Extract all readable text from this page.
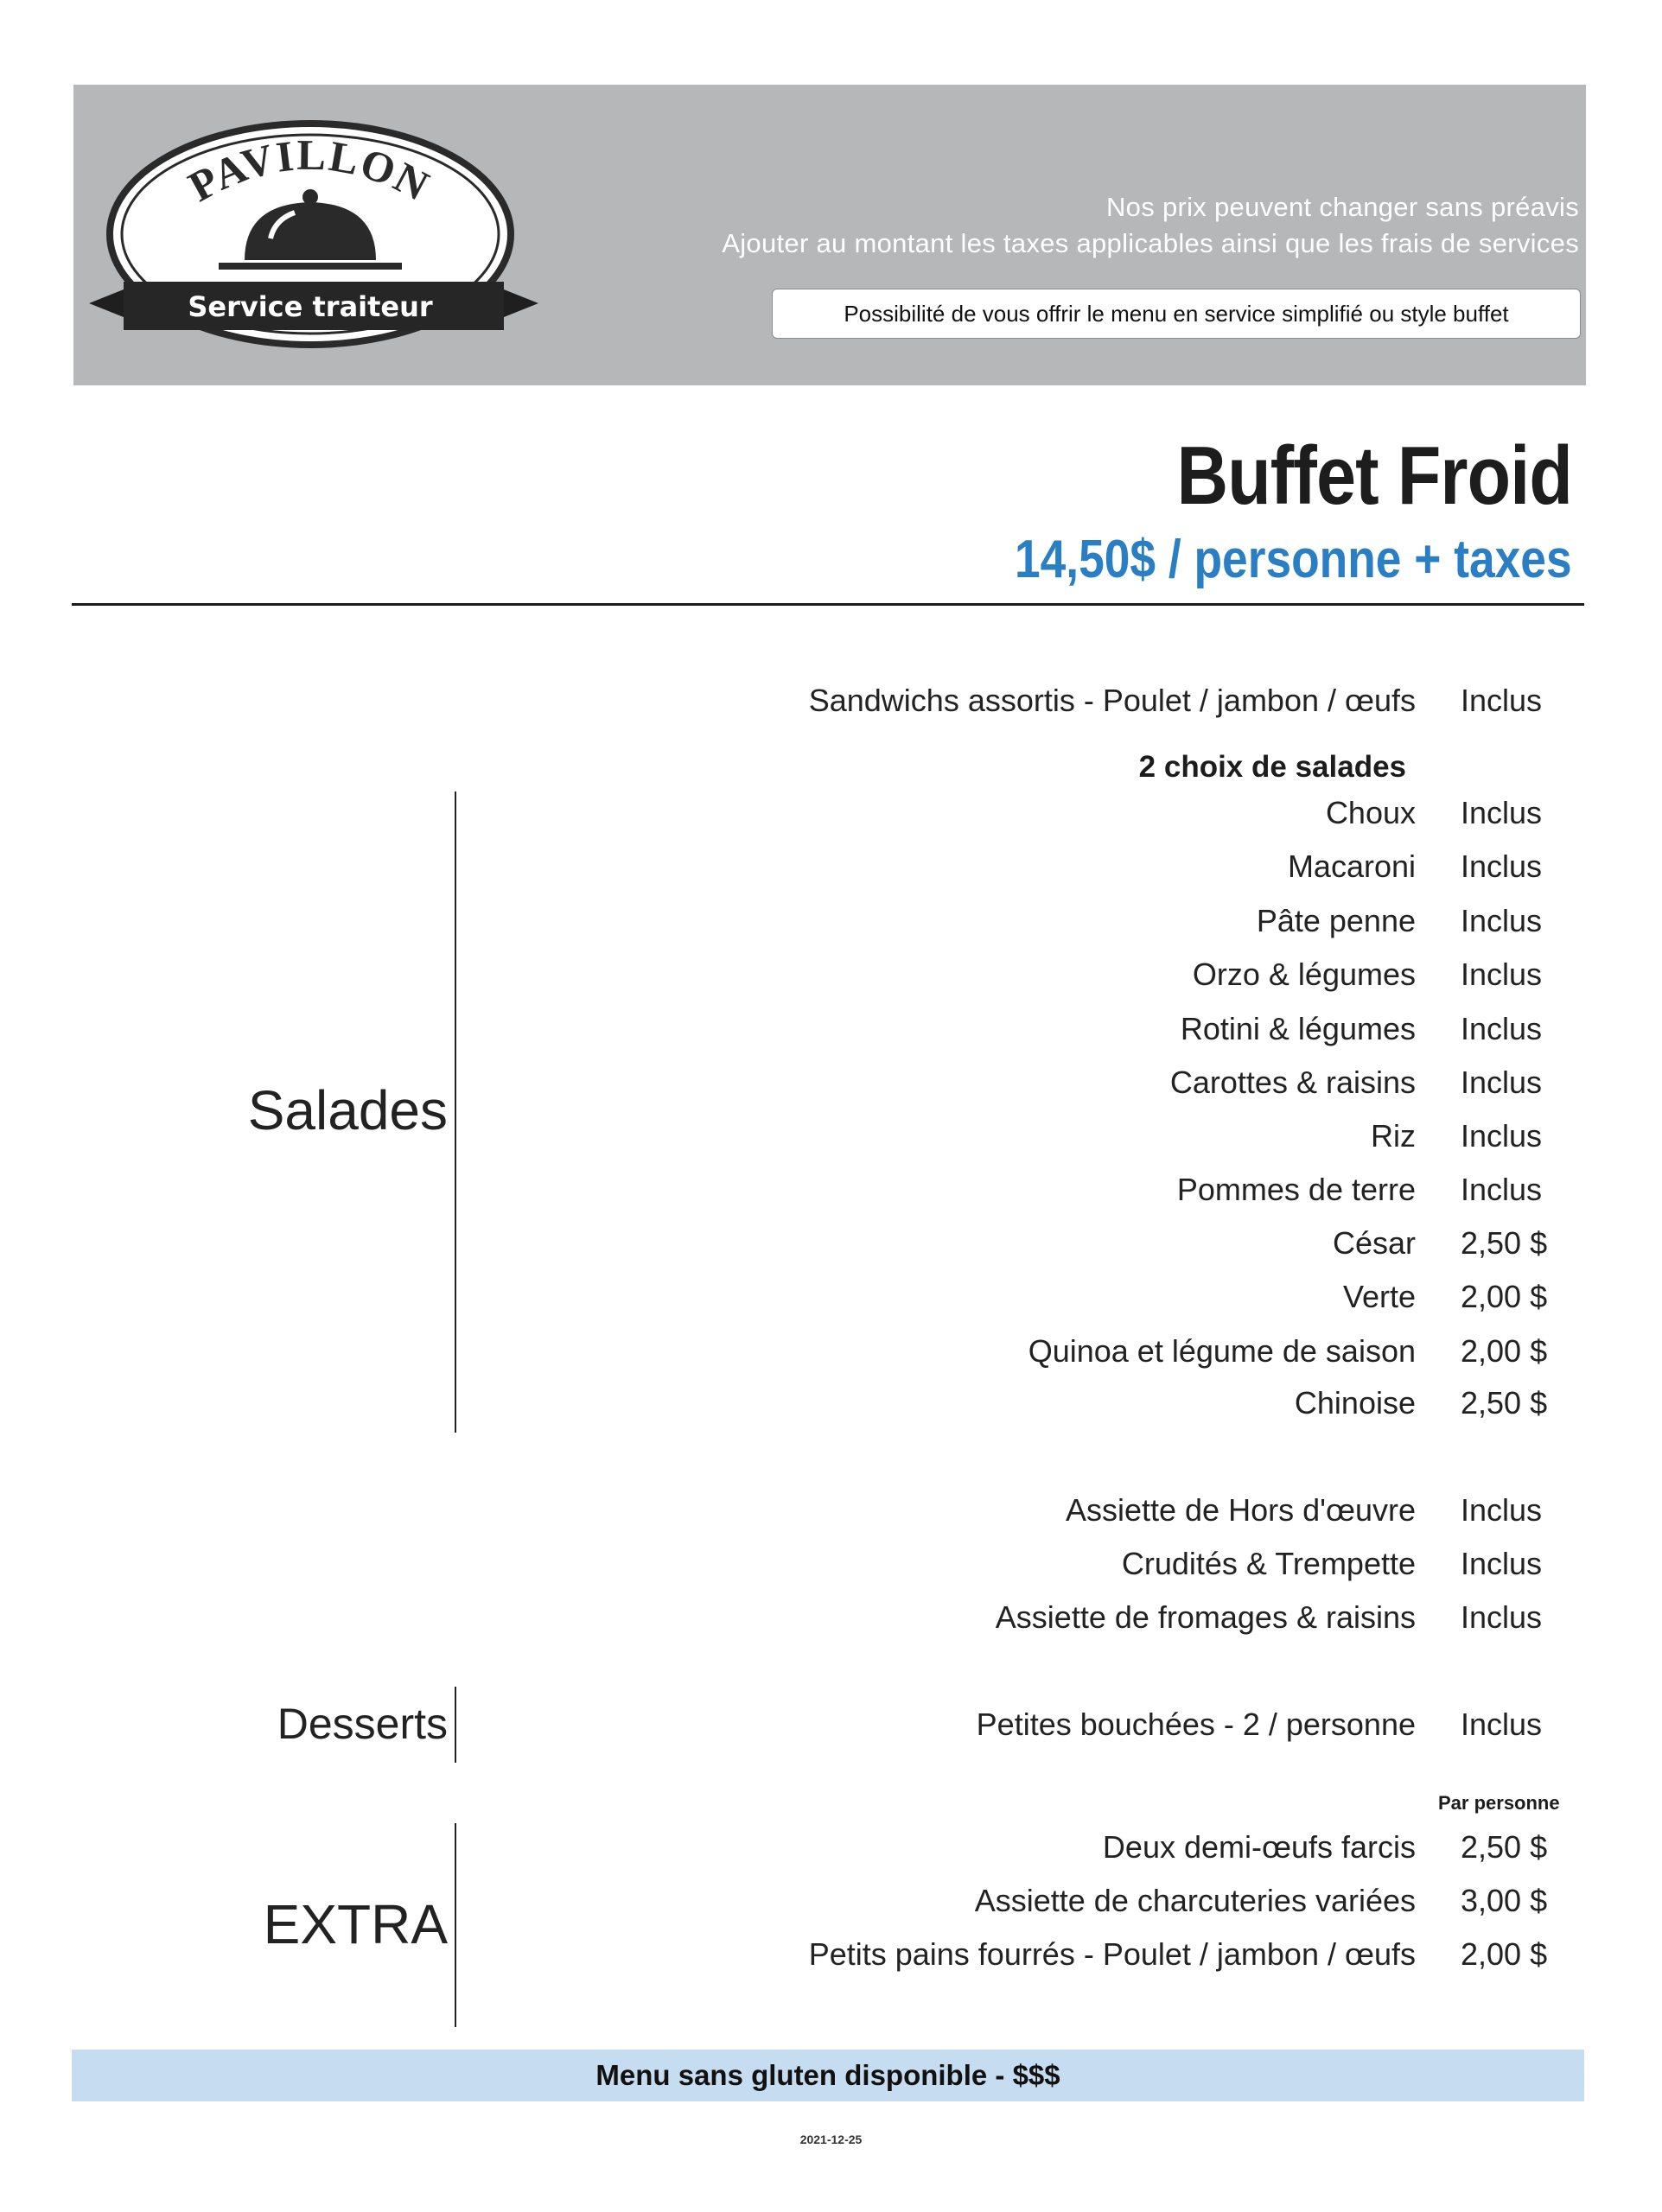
PAVILLON
Service traiteur
Nos prix peuvent changer sans préavis
Ajouter au montant les taxes applicables ainsi que les frais de services
Possibilité de vous offrir le menu en service simplifié ou style buffet
Buffet Froid
14,50$ / personne + taxes
Sandwichs assortis - Poulet / jambon / œufs Inclus
2 choix de salades
Salades
Choux Inclus
Macaroni Inclus
Pâte penne Inclus
Orzo & légumes Inclus
Rotini & légumes Inclus
Carottes & raisins Inclus
Riz Inclus
Pommes de terre Inclus
César 2,50 $
Verte 2,00 $
Quinoa et légume de saison 2,00 $
Chinoise 2,50 $
Assiette de Hors d'œuvre Inclus
Crudités & Trempette Inclus
Assiette de fromages & raisins Inclus
Desserts	Petites bouchées - 2 / personne Inclus
Par personne
EXTRA
Deux demi-œufs farcis 2,50 $
Assiette de charcuteries variées 3,00 $
Petits pains fourrés - Poulet / jambon / œufs 2,00 $
Menu sans gluten disponible - $$$
2021-12-25
